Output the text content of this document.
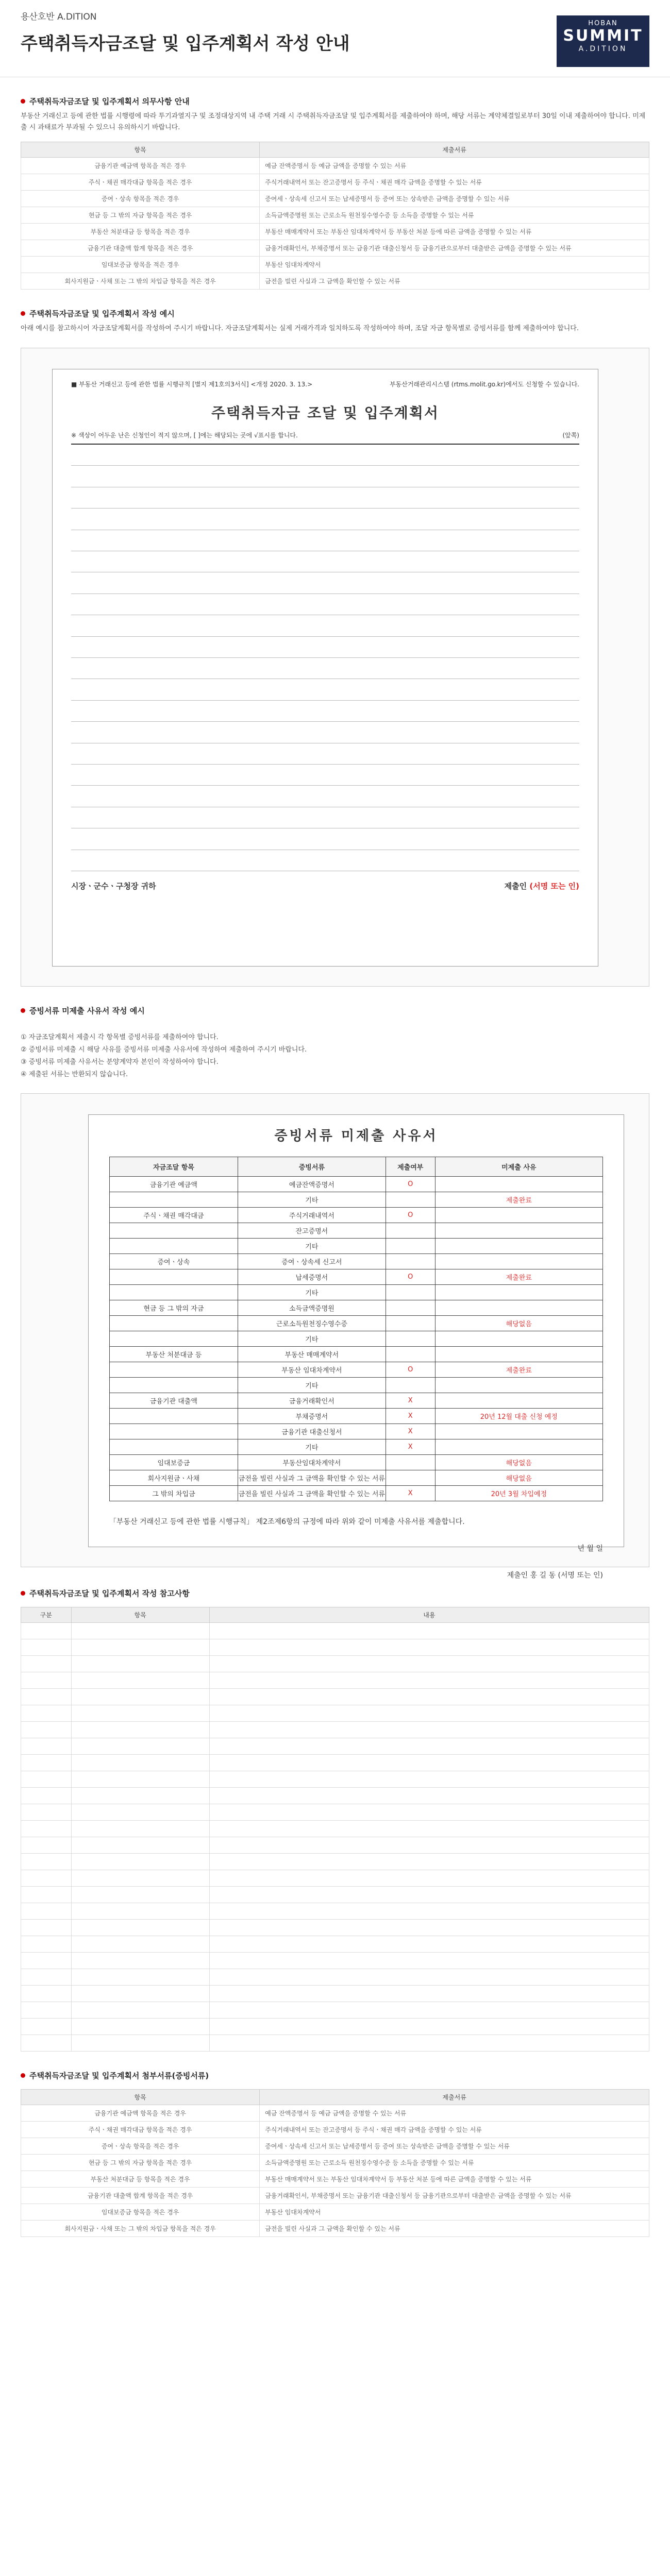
용산호반 A.DITION
주택취득자금조달 및 입주계획서 작성 안내
HOBAN
SUMMIT
A.DITION
주택취득자금조달 및 입주계획서 의무사항 안내
부동산 거래신고 등에 관한 법률 시행령에 따라 투기과열지구 및 조정대상지역 내 주택 거래 시 주택취득자금조달 및 입주계획서를 제출하여야 하며, 해당 서류는 계약체결일로부터 30일 이내 제출하여야 합니다. 미제출 시 과태료가 부과될 수 있으니 유의하시기 바랍니다.
항목	제출서류
금융기관 예금액 항목을 적은 경우	예금 잔액증명서 등 예금 금액을 증명할 수 있는 서류
주식ㆍ채권 매각대금 항목을 적은 경우	주식거래내역서 또는 잔고증명서 등 주식ㆍ채권 매각 금액을 증명할 수 있는 서류
증여ㆍ상속 항목을 적은 경우	증여세ㆍ상속세 신고서 또는 납세증명서 등 증여 또는 상속받은 금액을 증명할 수 있는 서류
현금 등 그 밖의 자금 항목을 적은 경우	소득금액증명원 또는 근로소득 원천징수영수증 등 소득을 증명할 수 있는 서류
부동산 처분대금 등 항목을 적은 경우	부동산 매매계약서 또는 부동산 임대차계약서 등 부동산 처분 등에 따른 금액을 증명할 수 있는 서류
금융기관 대출액 합계 항목을 적은 경우	금융거래확인서, 부채증명서 또는 금융기관 대출신청서 등 금융기관으로부터 대출받은 금액을 증명할 수 있는 서류
임대보증금 항목을 적은 경우	부동산 임대차계약서
회사지원금ㆍ사채 또는 그 밖의 차입금 항목을 적은 경우	금전을 빌린 사실과 그 금액을 확인할 수 있는 서류
주택취득자금조달 및 입주계획서 작성 예시
아래 예시를 참고하시어 자금조달계획서를 작성하여 주시기 바랍니다. 자금조달계획서는 실제 거래가격과 일치하도록 작성하여야 하며, 조달 자금 항목별로 증빙서류를 함께 제출하여야 합니다.
■ 부동산 거래신고 등에 관한 법률 시행규칙 [별지 제1호의3서식] <개정 2020. 3. 13.>	부동산거래관리시스템 (rtms.molit.go.kr)에서도 신청할 수 있습니다.
주택취득자금 조달 및 입주계획서
※ 색상이 어두운 난은 신청인이 적지 않으며, [ ]에는 해당되는 곳에 √표시를 합니다.	(앞쪽)
시장ㆍ군수ㆍ구청장 귀하	제출인 (서명 또는 인)
증빙서류 미제출 사유서 작성 예시
① 자금조달계획서 제출시 각 항목별 증빙서류를 제출하여야 합니다.
② 증빙서류 미제출 시 해당 사유를 증빙서류 미제출 사유서에 작성하여 제출하여 주시기 바랍니다.
③ 증빙서류 미제출 사유서는 분양계약자 본인이 작성하여야 합니다.
④ 제출된 서류는 반환되지 않습니다.
증빙서류 미제출 사유서
자금조달 항목	증빙서류	제출여부	미제출 사유
금융기관 예금액	예금잔액증명서	O	
	기타		제출완료
주식ㆍ채권 매각대금	주식거래내역서	O	
	잔고증명서		
	기타		
증여ㆍ상속	증여ㆍ상속세 신고서		
	납세증명서	O	제출완료
	기타		
현금 등 그 밖의 자금	소득금액증명원		
	근로소득원천징수영수증		해당없음
	기타		
부동산 처분대금 등	부동산 매매계약서		
	부동산 임대차계약서	O	제출완료
	기타		
금융기관 대출액	금융거래확인서	X	
	부채증명서	X	20년 12월 대출 신청 예정
	금융기관 대출신청서	X	
	기타	X	
임대보증금	부동산임대차계약서		해당없음
회사지원금ㆍ사채	금전을 빌린 사실과 그 금액을 확인할 수 있는 서류		해당없음
그 밖의 차입금	금전을 빌린 사실과 그 금액을 확인할 수 있는 서류	X	20년 3월 차입예정
「부동산 거래신고 등에 관한 법률 시행규칙」 제2조제6항의 규정에 따라 위와 같이 미제출 사유서를 제출합니다.
년 월 일
제출인 홍 길 동 (서명 또는 인)
주택취득자금조달 및 입주계획서 작성 참고사항
구분	항목	내용

주택취득자금조달 및 입주계획서 첨부서류(증빙서류)
항목	제출서류
금융기관 예금액 항목을 적은 경우	예금 잔액증명서 등 예금 금액을 증명할 수 있는 서류
주식ㆍ채권 매각대금 항목을 적은 경우	주식거래내역서 또는 잔고증명서 등 주식ㆍ채권 매각 금액을 증명할 수 있는 서류
증여ㆍ상속 항목을 적은 경우	증여세ㆍ상속세 신고서 또는 납세증명서 등 증여 또는 상속받은 금액을 증명할 수 있는 서류
현금 등 그 밖의 자금 항목을 적은 경우	소득금액증명원 또는 근로소득 원천징수영수증 등 소득을 증명할 수 있는 서류
부동산 처분대금 등 항목을 적은 경우	부동산 매매계약서 또는 부동산 임대차계약서 등 부동산 처분 등에 따른 금액을 증명할 수 있는 서류
금융기관 대출액 합계 항목을 적은 경우	금융거래확인서, 부채증명서 또는 금융기관 대출신청서 등 금융기관으로부터 대출받은 금액을 증명할 수 있는 서류
임대보증금 항목을 적은 경우	부동산 임대차계약서
회사지원금ㆍ사채 또는 그 밖의 차입금 항목을 적은 경우	금전을 빌린 사실과 그 금액을 확인할 수 있는 서류
